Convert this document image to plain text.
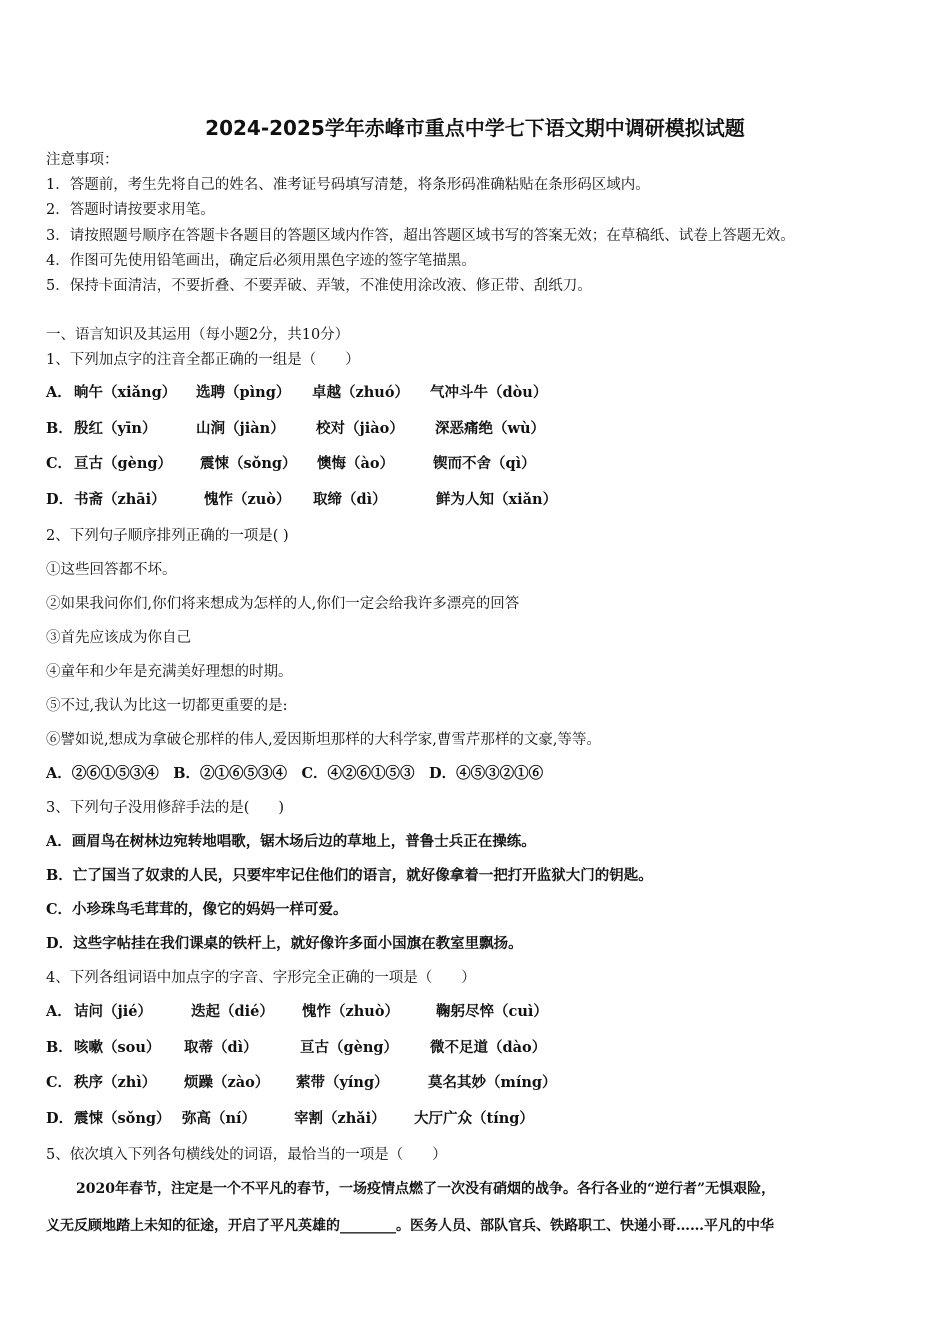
2024-2025学年赤峰市重点中学七下语文期中调研模拟试题
注意事项：
1．答题前，考生先将自己的姓名、准考证号码填写清楚，将条形码准确粘贴在条形码区域内。
2．答题时请按要求用笔。
3．请按照题号顺序在答题卡各题目的答题区域内作答，超出答题区域书写的答案无效；在草稿纸、试卷上答题无效。
4．作图可先使用铅笔画出，确定后必须用黑色字迹的签字笔描黑。
5．保持卡面清洁，不要折叠、不要弄破、弄皱，不准使用涂改液、修正带、刮纸刀。
一、语言知识及其运用（每小题2分，共10分）
1、下列加点字的注音全都正确的一组是（　　）
A． 晌午（xiǎng） 选聘（pìng） 卓越（zhuó） 气冲斗牛（dòu）
B． 殷红（yīn）	山涧（jiàn） 校对（jiào） 深恶痛绝（wù）
C． 亘古（gèng） 震悚（sǒng） 懊悔（ào）	锲而不舍（qì）
D． 书斋（zhāi）	愧怍（zuò） 取缔（dì）	鲜为人知（xiǎn）
2、下列句子顺序排列正确的一项是( )
①这些回答都不坏。
②如果我问你们,你们将来想成为怎样的人,你们一定会给我许多漂亮的回答
③首先应该成为你自己
④童年和少年是充满美好理想的时期。
⑤不过,我认为比这一切都更重要的是:
⑥譬如说,想成为拿破仑那样的伟人,爱因斯坦那样的大科学家,曹雪芹那样的文豪,等等。
A．②⑥①⑤③④　B．②①⑥⑤③④　C．④②⑥①⑤③　D．④⑤③②①⑥
3、下列句子没用修辞手法的是(　　)
A．画眉鸟在树林边宛转地唱歌，锯木场后边的草地上，普鲁士兵正在操练。
B．亡了国当了奴隶的人民，只要牢牢记住他们的语言，就好像拿着一把打开监狱大门的钥匙。
C．小珍珠鸟毛茸茸的，像它的妈妈一样可爱。
D．这些字帖挂在我们课桌的铁杆上，就好像许多面小国旗在教室里飘扬。
4、下列各组词语中加点字的字音、字形完全正确的一项是（　　）
A． 诘问（jié）	迭起（dié） 愧怍（zhuò）	鞠躬尽悴（cuì）
B． 咳嗽（sou） 取蒂（dì）	亘古（gèng） 微不足道（dào）
C． 秩序（zhì） 烦躁（zào） 萦带（yíng）	莫名其妙（míng）
D． 震悚（sǒng） 弥高（ní）	宰割（zhǎi） 大厅广众（tíng）
5、依次填入下列各句横线处的词语，最恰当的一项是（　　）
2020年春节，注定是一个不平凡的春节，一场疫情点燃了一次没有硝烟的战争。各行各业的“逆行者”无惧艰险，
义无反顾地踏上未知的征途，开启了平凡英雄的________。医务人员、部队官兵、铁路职工、快递小哥……平凡的中华
